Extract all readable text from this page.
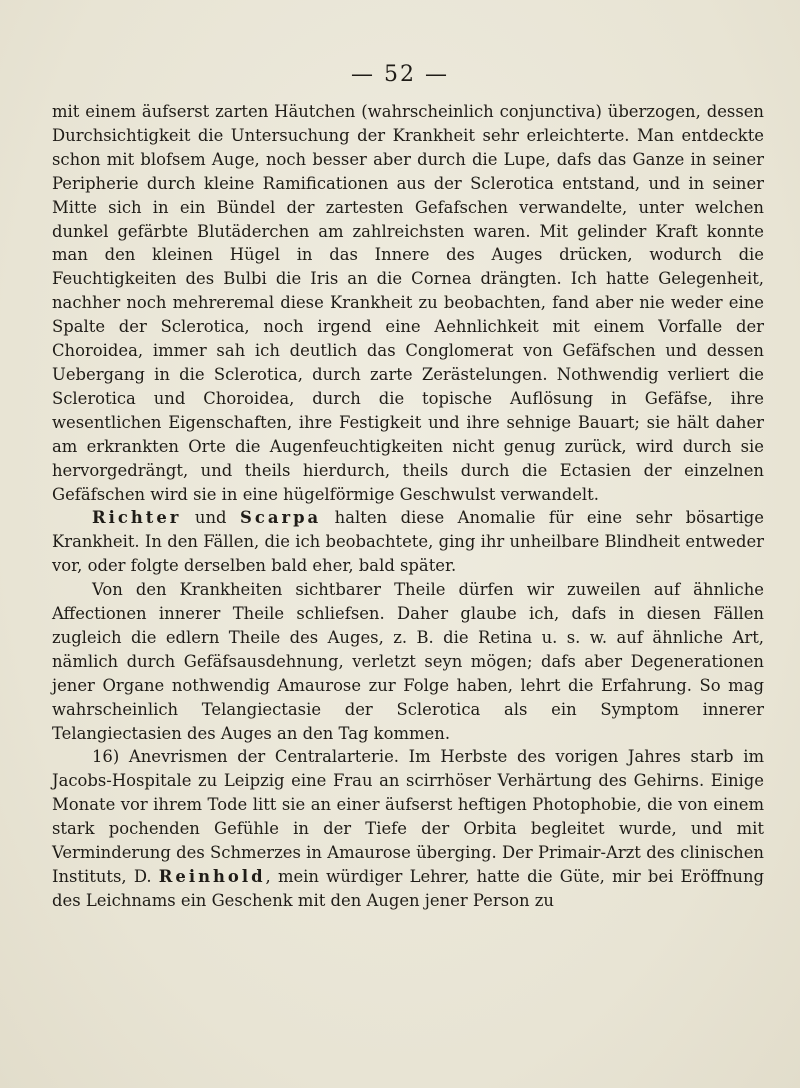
— 52 —

mit einem äufserst zarten Häutchen (wahrscheinlich conjunctiva) überzogen, dessen Durchsichtigkeit die Untersuchung der Krankheit sehr erleichterte. Man entdeckte schon mit blofsem Auge, noch besser aber durch die Lupe, dafs das Ganze in seiner Peripherie durch kleine Ramificationen aus der Sclerotica entstand, und in seiner Mitte sich in ein Bündel der zartesten Gefafschen verwandelte, unter welchen dunkel gefärbte Blutäderchen am zahlreichsten waren. Mit gelinder Kraft konnte man den kleinen Hügel in das Innere des Auges drücken, wodurch die Feuchtigkeiten des Bulbi die Iris an die Cornea drängten. Ich hatte Gelegenheit, nachher noch mehreremal diese Krankheit zu beobachten, fand aber nie weder eine Spalte der Sclerotica, noch irgend eine Aehnlichkeit mit einem Vorfalle der Choroidea, immer sah ich deutlich das Conglomerat von Gefäfschen und dessen Uebergang in die Sclerotica, durch zarte Zerästelungen. Nothwendig verliert die Sclerotica und Choroidea, durch die topische Auflösung in Gefäfse, ihre wesentlichen Eigenschaften, ihre Festigkeit und ihre sehnige Bauart; sie hält daher am erkrankten Orte die Augenfeuchtigkeiten nicht genug zurück, wird durch sie hervorgedrängt, und theils hierdurch, theils durch die Ectasien der einzelnen Gefäfschen wird sie in eine hügelförmige Geschwulst verwandelt.

Richter und Scarpa halten diese Anomalie für eine sehr bösartige Krankheit. In den Fällen, die ich beobachtete, ging ihr unheilbare Blindheit entweder vor, oder folgte derselben bald eher, bald später.

Von den Krankheiten sichtbarer Theile dürfen wir zuweilen auf ähnliche Affectionen innerer Theile schliefsen. Daher glaube ich, dafs in diesen Fällen zugleich die edlern Theile des Auges, z. B. die Retina u. s. w. auf ähnliche Art, nämlich durch Gefäfsausdehnung, verletzt seyn mögen; dafs aber Degenerationen jener Organe nothwendig Amaurose zur Folge haben, lehrt die Erfahrung. So mag wahrscheinlich Telangiectasie der Sclerotica als ein Symptom innerer Telangiectasien des Auges an den Tag kommen.

16) Anevrismen der Centralarterie. Im Herbste des vorigen Jahres starb im Jacobs-Hospitale zu Leipzig eine Frau an scirrhöser Verhärtung des Gehirns. Einige Monate vor ihrem Tode litt sie an einer äufserst heftigen Photophobie, die von einem stark pochenden Gefühle in der Tiefe der Orbita begleitet wurde, und mit Verminderung des Schmerzes in Amaurose überging. Der Primair-Arzt des clinischen Instituts, D. Reinhold, mein würdiger Lehrer, hatte die Güte, mir bei Eröffnung des Leichnams ein Geschenk mit den Augen jener Person zu
